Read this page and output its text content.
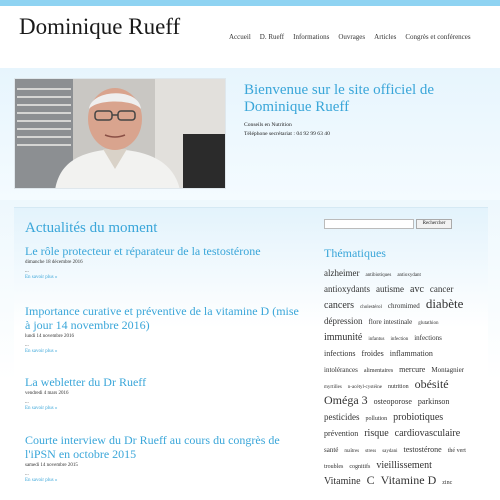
Dominique Rueff	Accueil D. Rueff Informations Ouvrages Articles Congrès et conférences
Bienvenue sur le site officiel de Dominique Rueff
Conseils en Nutrition
Téléphone secrétariat : 04 92 99 63 40
Actualités du moment
Le rôle protecteur et réparateur de la testostérone
dimanche 18 décembre 2016
...
En savoir plus »
Importance curative et préventive de la vitamine D (mise à jour 14 novembre 2016)
lundi 14 novembre 2016
...
En savoir plus »
La webletter du Dr Rueff
vendredi 4 mars 2016
...
En savoir plus »
Courte interview du Dr Rueff au cours du congrès de l'iPSN en octobre 2015
samedi 14 novembre 2015
...
En savoir plus »
Rechercher
Thématiques
alzheimer antibiotiques antioxydant antioxydants autisme avc cancer cancers cholestérol chromimed diabète dépression flore intestinale glutathion immunité infantus infection infections infections froides inflammation intolérances alimentaires mercure Montagnier myrtilles n-acétyl-cystéine nutrition obésité Oméga 3 osteoporose parkinson pesticides pollution probiotiques prévention risque cardiovasculaire santé maîtres stress saydani testostérone thé vert troubles cognitifs vieillissement Vitamine C Vitamine D zinc
